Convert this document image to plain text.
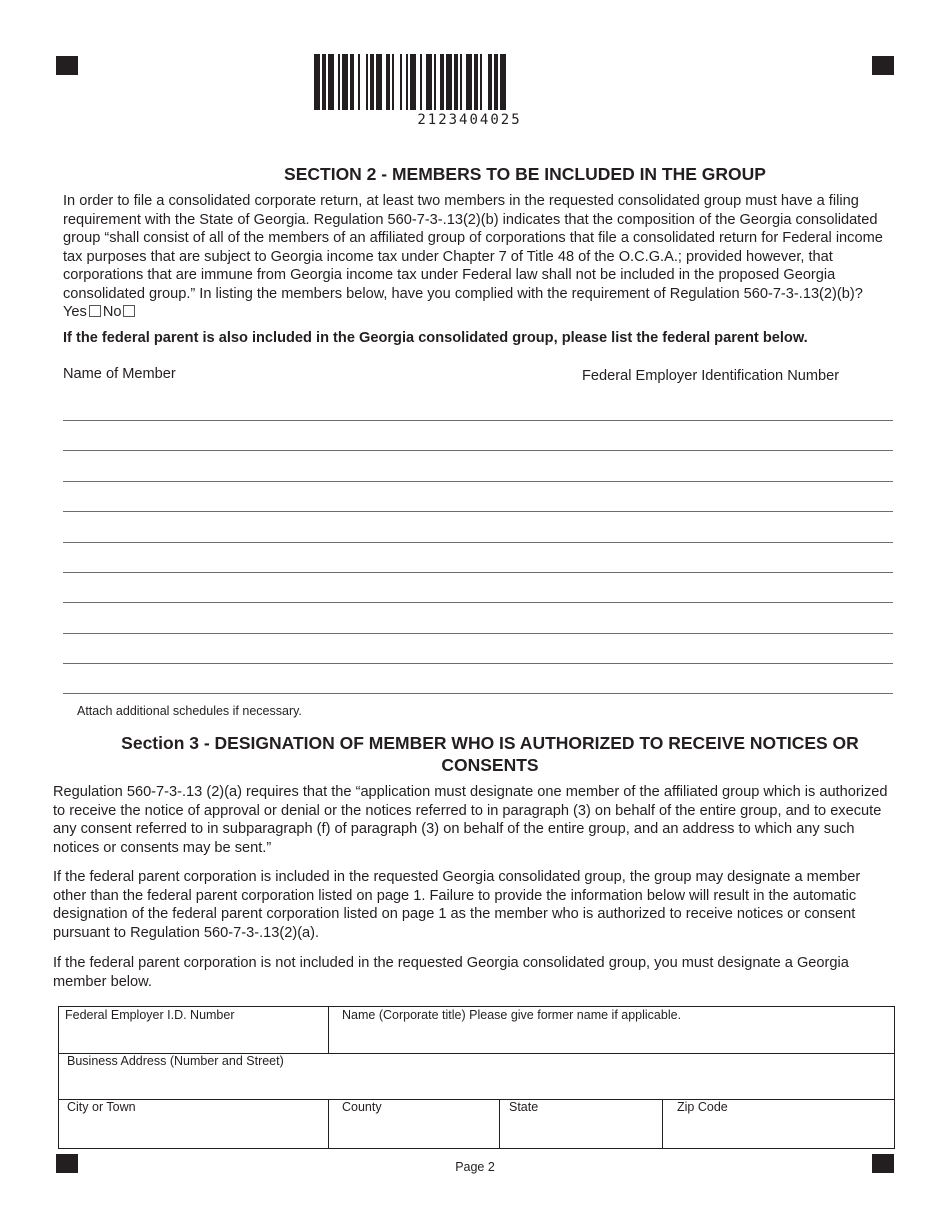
2123404025
SECTION 2 - MEMBERS TO BE INCLUDED IN THE GROUP
In order to file a consolidated corporate return, at least two members in the requested consolidated group must have a filing
requirement with the State of Georgia. Regulation 560-7-3-.13(2)(b) indicates that the composition of the Georgia consolidated
group “shall consist of all of the members of an affiliated group of corporations that file a consolidated return for Federal income
tax purposes that are subject to Georgia income tax under Chapter 7 of Title 48 of the O.C.G.A.; provided however, that
corporations that are immune from Georgia income tax under Federal law shall not be included in the proposed Georgia
consolidated group.” In listing the members below, have you complied with the requirement of Regulation 560-7-3-.13(2)(b)?
Yes No
If the federal parent is also included in the Georgia consolidated group, please list the federal parent below.
Name of Member	Federal Employer Identification Number
Attach additional schedules if necessary.
Section 3 - DESIGNATION OF MEMBER WHO IS AUTHORIZED TO RECEIVE NOTICES OR
CONSENTS
Regulation 560-7-3-.13 (2)(a) requires that the “application must designate one member of the affiliated group which is authorized
to receive the notice of approval or denial or the notices referred to in paragraph (3) on behalf of the entire group, and to execute
any consent referred to in subparagraph (f) of paragraph (3) on behalf of the entire group, and an address to which any such
notices or consents may be sent.”
If the federal parent corporation is included in the requested Georgia consolidated group, the group may designate a member
other than the federal parent corporation listed on page 1. Failure to provide the information below will result in the automatic
designation of the federal parent corporation listed on page 1 as the member who is authorized to receive notices or consent
pursuant to Regulation 560-7-3-.13(2)(a).
If the federal parent corporation is not included in the requested Georgia consolidated group, you must designate a Georgia
member below.
Federal Employer I.D. Number	Name (Corporate title) Please give former name if applicable.
Business Address (Number and Street)
City or Town	County	State	Zip Code
Page 2
